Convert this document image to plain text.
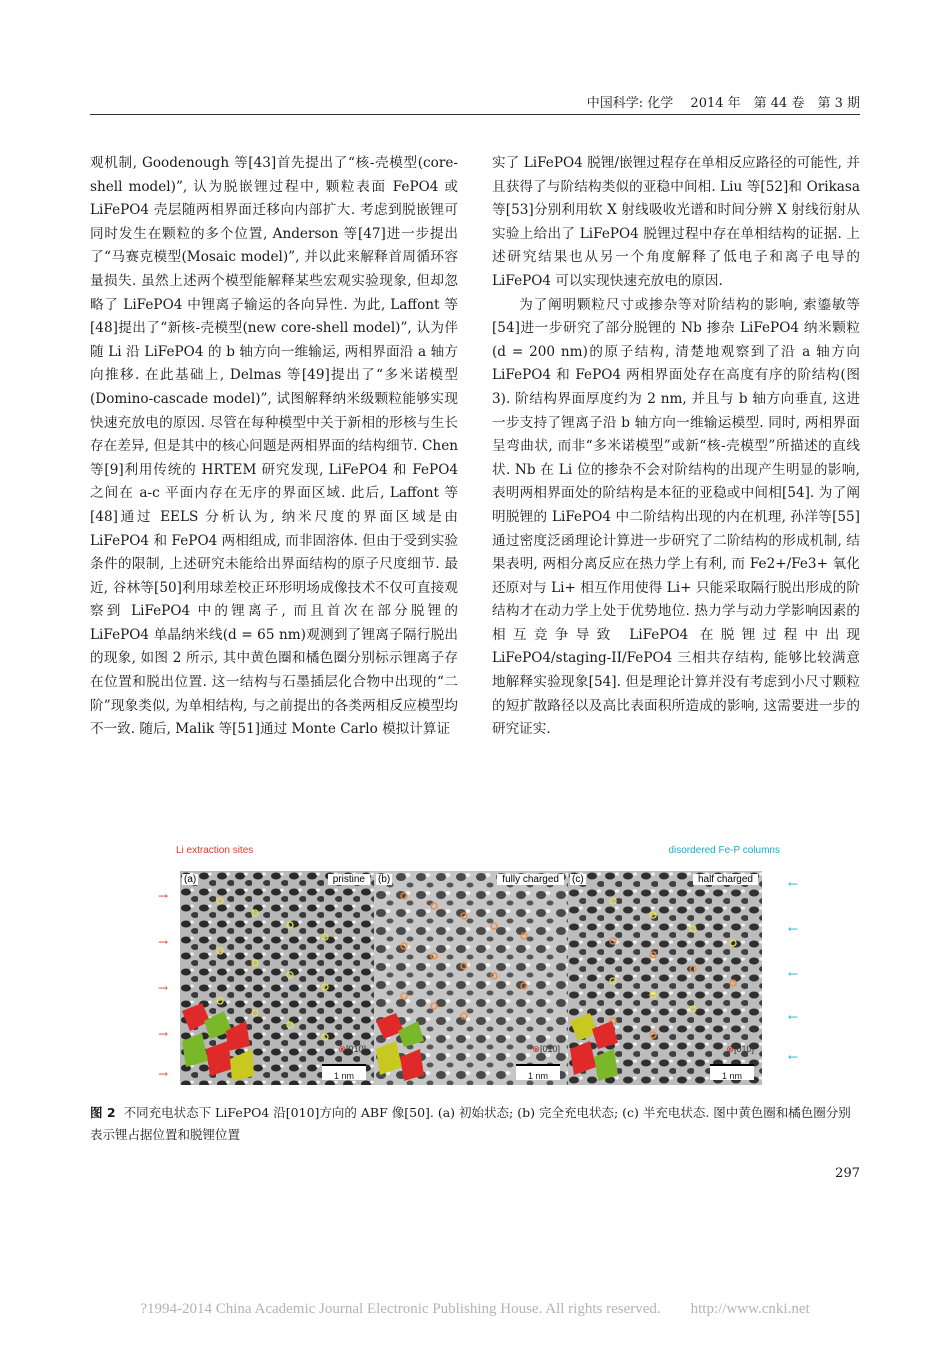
中国科学: 化学　 2014 年　第 44 卷　第 3 期

观机制, Goodenough 等[43]首先提出了“核-壳模型(core-shell model)”, 认为脱嵌锂过程中, 颗粒表面 FePO4 或 LiFePO4 壳层随两相界面迁移向内部扩大. 考虑到脱嵌锂可同时发生在颗粒的多个位置, Anderson 等[47]进一步提出了“马赛克模型(Mosaic model)”, 并以此来解释首周循环容量损失. 虽然上述两个模型能解释某些宏观实验现象, 但却忽略了 LiFePO4 中锂离子输运的各向异性. 为此, Laffont 等[48]提出了“新核-壳模型(new core-shell model)”, 认为伴随 Li 沿 LiFePO4 的 b 轴方向一维输运, 两相界面沿 a 轴方向推移. 在此基础上, Delmas 等[49]提出了“多米诺模型(Domino-cascade model)”, 试图解释纳米级颗粒能够实现快速充放电的原因. 尽管在每种模型中关于新相的形核与生长存在差异, 但是其中的核心问题是两相界面的结构细节. Chen 等[9]利用传统的 HRTEM 研究发现, LiFePO4 和 FePO4 之间在 a-c 平面内存在无序的界面区域. 此后, Laffont 等[48]通过 EELS 分析认为, 纳米尺度的界面区域是由 LiFePO4 和 FePO4 两相组成, 而非固溶体. 但由于受到实验条件的限制, 上述研究未能给出界面结构的原子尺度细节. 最近, 谷林等[50]利用球差校正环形明场成像技术不仅可直接观察到 LiFePO4 中的锂离子, 而且首次在部分脱锂的 LiFePO4 单晶纳米线(d = 65 nm)观测到了锂离子隔行脱出的现象, 如图 2 所示, 其中黄色圈和橘色圈分别标示锂离子存在位置和脱出位置. 这一结构与石墨插层化合物中出现的“二阶”现象类似, 为单相结构, 与之前提出的各类两相反应模型均不一致. 随后, Malik 等[51]通过 Monte Carlo 模拟计算证

实了 LiFePO4 脱锂/嵌锂过程存在单相反应路径的可能性, 并且获得了与阶结构类似的亚稳中间相. Liu 等[52]和 Orikasa 等[53]分别利用软 X 射线吸收光谱和时间分辨 X 射线衍射从实验上给出了 LiFePO4 脱锂过程中存在单相结构的证据. 上述研究结果也从另一个角度解释了低电子和离子电导的 LiFePO4 可以实现快速充放电的原因.

为了阐明颗粒尺寸或掺杂等对阶结构的影响, 索鎏敏等[54]进一步研究了部分脱锂的 Nb 掺杂 LiFePO4 纳米颗粒(d = 200 nm)的原子结构, 清楚地观察到了沿 a 轴方向 LiFePO4 和 FePO4 两相界面处存在高度有序的阶结构(图 3). 阶结构界面厚度约为 2 nm, 并且与 b 轴方向垂直, 这进一步支持了锂离子沿 b 轴方向一维输运模型. 同时, 两相界面呈弯曲状, 而非“多米诺模型”或新“核-壳模型”所描述的直线状. Nb 在 Li 位的掺杂不会对阶结构的出现产生明显的影响, 表明两相界面处的阶结构是本征的亚稳或中间相[54]. 为了阐明脱锂的 LiFePO4 中二阶结构出现的内在机理, 孙洋等[55]通过密度泛函理论计算进一步研究了二阶结构的形成机制, 结果表明, 两相分离反应在热力学上有利, 而 Fe2+/Fe3+ 氧化还原对与 Li+ 相互作用使得 Li+ 只能采取隔行脱出形成的阶结构才在动力学上处于优势地位. 热力学与动力学影响因素的相互竞争导致 LiFePO4 在脱锂过程中出现 LiFePO4/staging-II/FePO4 三相共存结构, 能够比较满意地解释实验现象[54]. 但是理论计算并没有考虑到小尺寸颗粒的短扩散路径以及高比表面积所造成的影响, 这需要进一步的研究证实.

Li extraction sites	disordered Fe-P columns
→
→
→
→
→
←
←
←
←
←
(a)	pristine
⊗[010]
1 nm
(b)	fully charged
⊗[010]
1 nm
(c)	half charged
⊗[010]
1 nm
图 2 不同充电状态下 LiFePO4 沿[010]方向的 ABF 像[50]. (a) 初始状态; (b) 完全充电状态; (c) 半充电状态. 图中黄色圈和橘色圈分别表示锂占据位置和脱锂位置
297
?1994-2014 China Academic Journal Electronic Publishing House. All rights reserved.　　http://www.cnki.net
